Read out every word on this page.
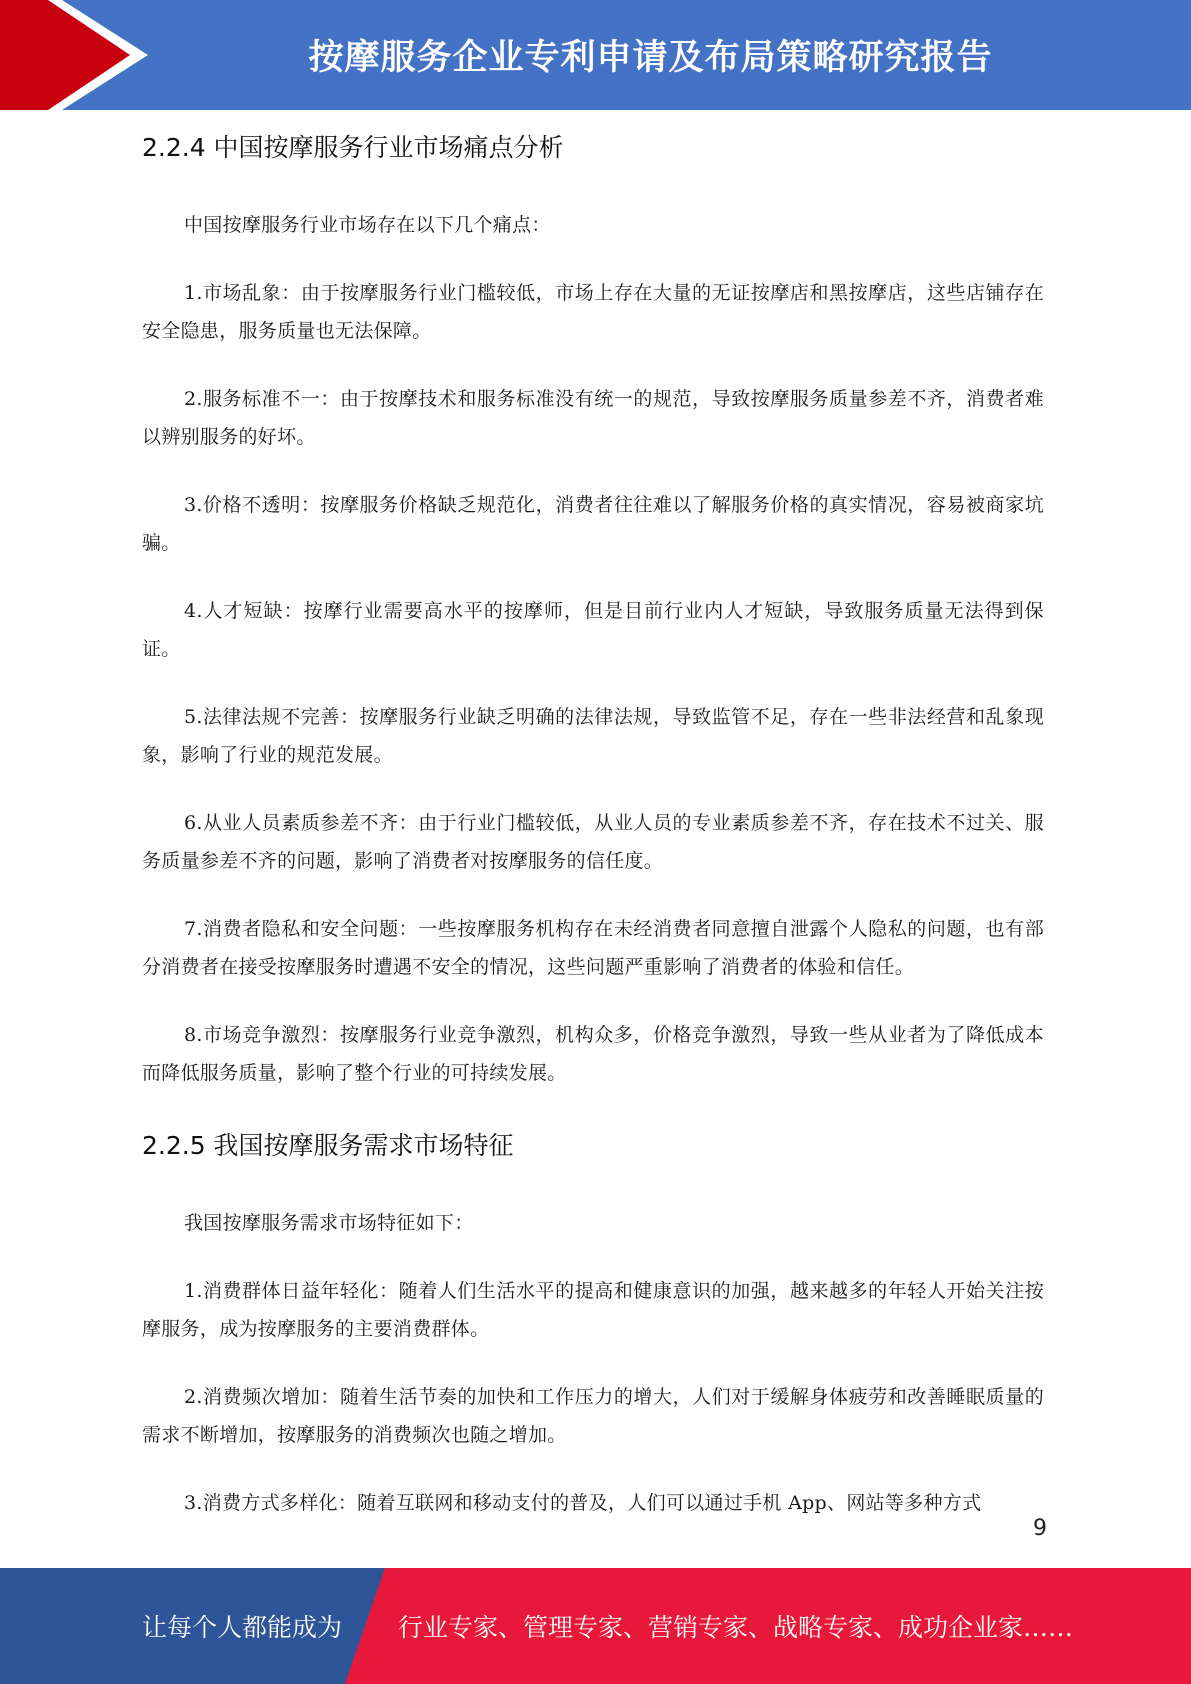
按摩服务企业专利申请及布局策略研究报告
2.2.4 中国按摩服务行业市场痛点分析

中国按摩服务行业市场存在以下几个痛点：

1.市场乱象：由于按摩服务行业门槛较低，市场上存在大量的无证按摩店和黑按摩店，这些店铺存在安全隐患，服务质量也无法保障。

2.服务标准不一：由于按摩技术和服务标准没有统一的规范，导致按摩服务质量参差不齐，消费者难以辨别服务的好坏。

3.价格不透明：按摩服务价格缺乏规范化，消费者往往难以了解服务价格的真实情况，容易被商家坑骗。

4.人才短缺：按摩行业需要高水平的按摩师，但是目前行业内人才短缺，导致服务质量无法得到保证。

5.法律法规不完善：按摩服务行业缺乏明确的法律法规，导致监管不足，存在一些非法经营和乱象现象，影响了行业的规范发展。

6.从业人员素质参差不齐：由于行业门槛较低，从业人员的专业素质参差不齐，存在技术不过关、服务质量参差不齐的问题，影响了消费者对按摩服务的信任度。

7.消费者隐私和安全问题：一些按摩服务机构存在未经消费者同意擅自泄露个人隐私的问题，也有部分消费者在接受按摩服务时遭遇不安全的情况，这些问题严重影响了消费者的体验和信任。

8.市场竞争激烈：按摩服务行业竞争激烈，机构众多，价格竞争激烈，导致一些从业者为了降低成本而降低服务质量，影响了整个行业的可持续发展。

2.2.5 我国按摩服务需求市场特征

我国按摩服务需求市场特征如下：

1.消费群体日益年轻化：随着人们生活水平的提高和健康意识的加强，越来越多的年轻人开始关注按摩服务，成为按摩服务的主要消费群体。

2.消费频次增加：随着生活节奏的加快和工作压力的增大，人们对于缓解身体疲劳和改善睡眠质量的需求不断增加，按摩服务的消费频次也随之增加。

3.消费方式多样化：随着互联网和移动支付的普及，人们可以通过手机 App、网站等多种方式

9
让每个人都能成为 行业专家、管理专家、营销专家、战略专家、成功企业家……
